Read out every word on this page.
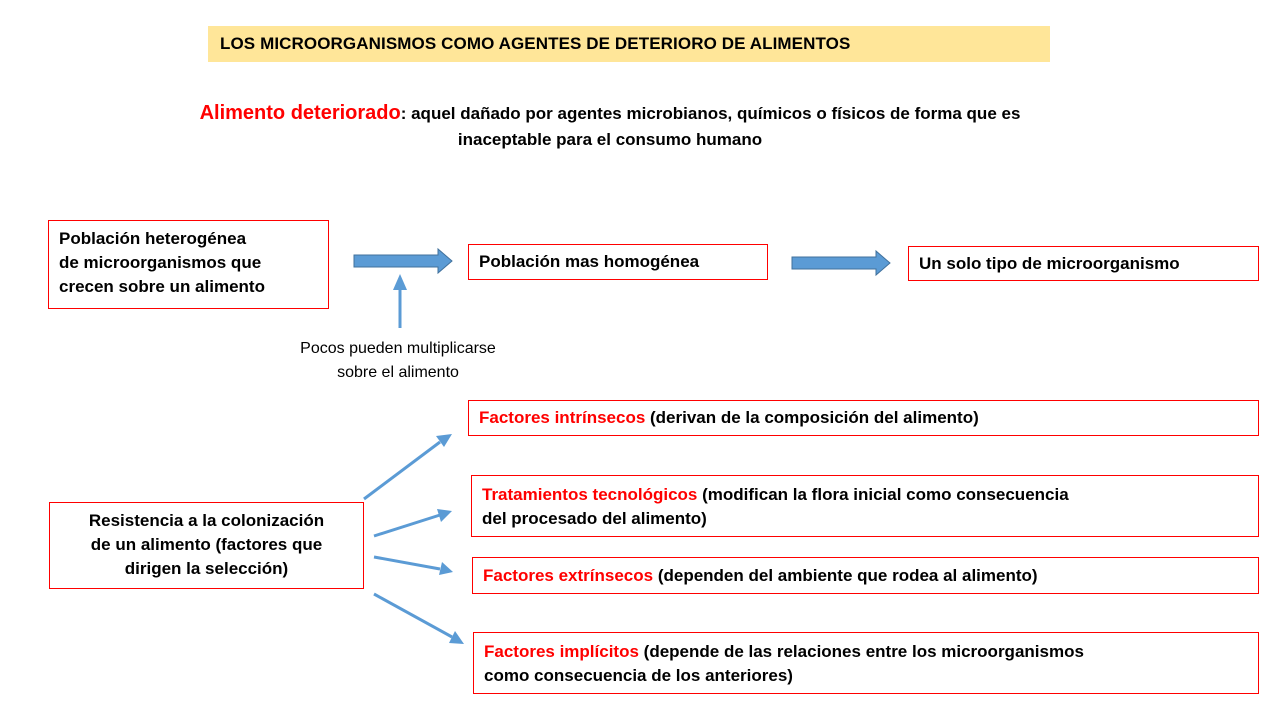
LOS MICROORGANISMOS COMO AGENTES DE DETERIORO DE ALIMENTOS
Alimento deteriorado: aquel dañado por agentes microbianos, químicos o físicos de forma que es
inaceptable para el consumo humano
Población heterogénea
de microorganismos que
crecen sobre un alimento
Población mas homogénea	Un solo tipo de microorganismo
Pocos pueden multiplicarse
sobre el alimento
Resistencia a la colonización
de un alimento (factores que
dirigen la selección)
Factores intrínsecos (derivan de la composición del alimento)
Tratamientos tecnológicos (modifican la flora inicial como consecuencia
del procesado del alimento)
Factores extrínsecos (dependen del ambiente que rodea al alimento)
Factores implícitos (depende de las relaciones entre los microorganismos
como consecuencia de los anteriores)
